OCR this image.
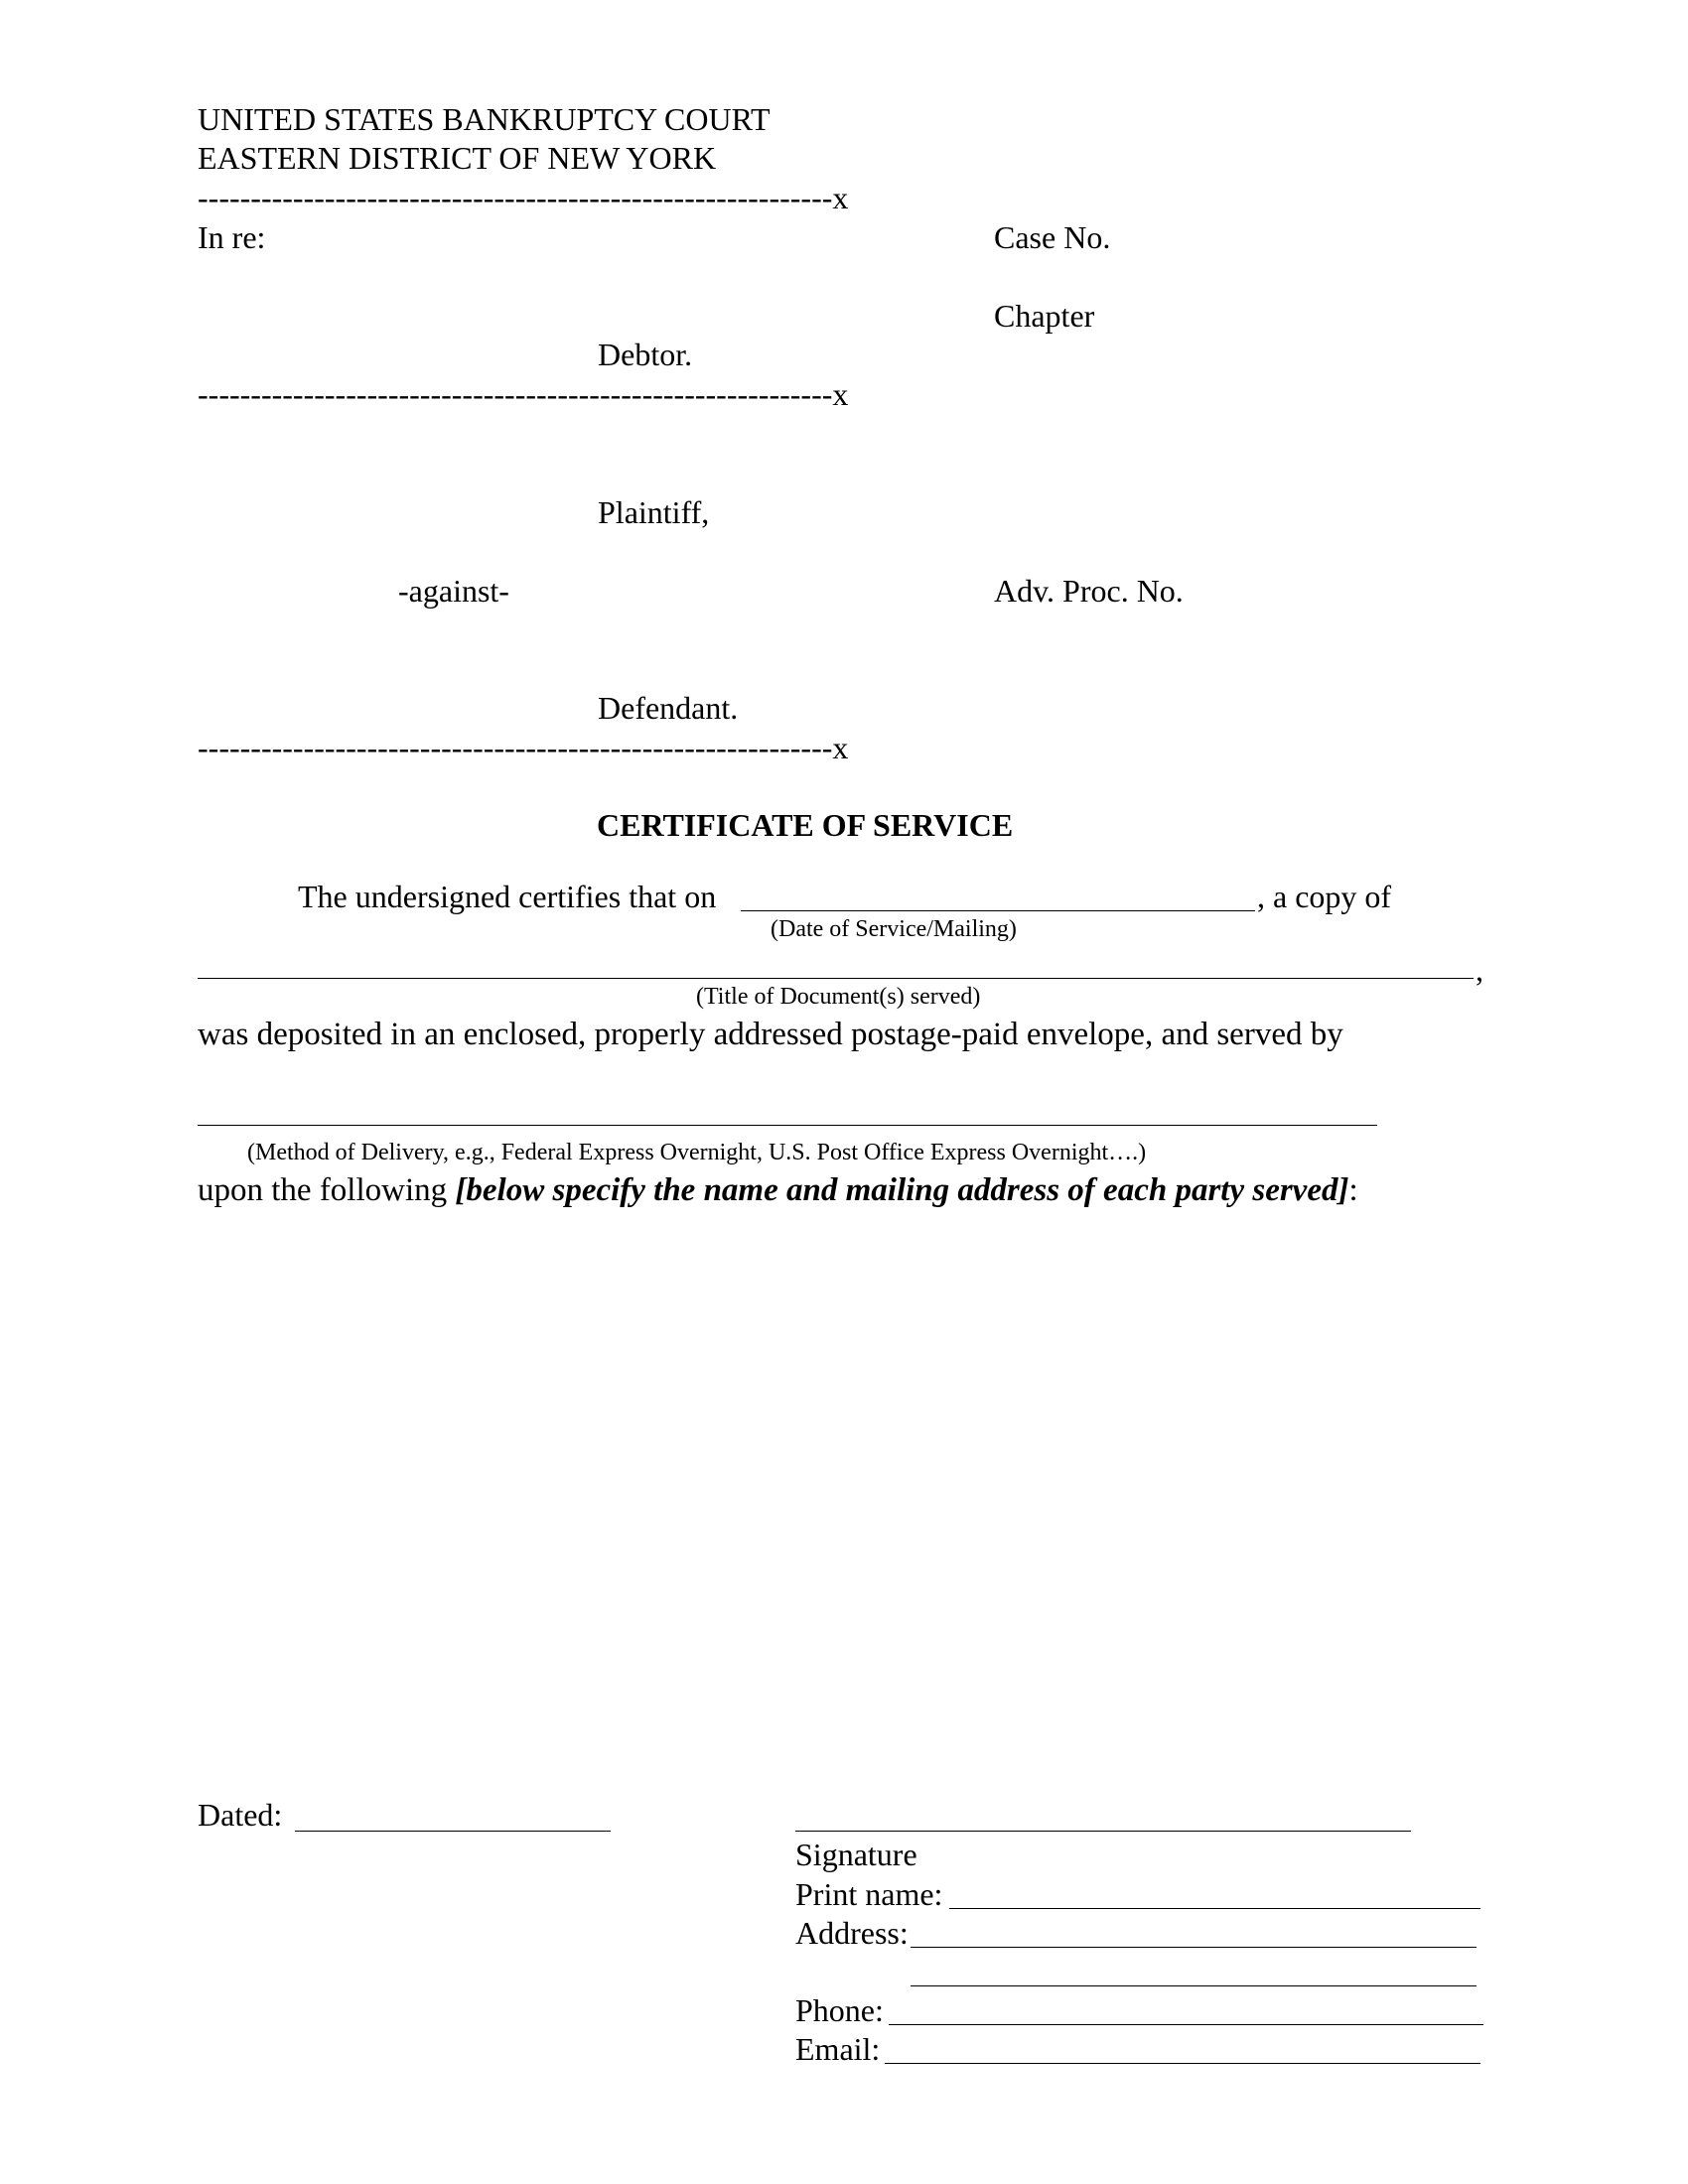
UNITED STATES BANKRUPTCY COURT
EASTERN DISTRICT OF NEW YORK
------------------------------------------------------------x
In re:	Case No.
Chapter
Debtor.
------------------------------------------------------------x
Plaintiff,
-against-	Adv. Proc. No.
Defendant.
------------------------------------------------------------x
CERTIFICATE OF SERVICE
The undersigned certifies that on	, a copy of
(Date of Service/Mailing)
,
(Title of Document(s) served)
was deposited in an enclosed, properly addressed postage-paid envelope, and served by
(Method of Delivery, e.g., Federal Express Overnight, U.S. Post Office Express Overnight….)
upon the following [below specify the name and mailing address of each party served]:
Dated:
Signature
Print name:
Address:
Phone:
Email:
